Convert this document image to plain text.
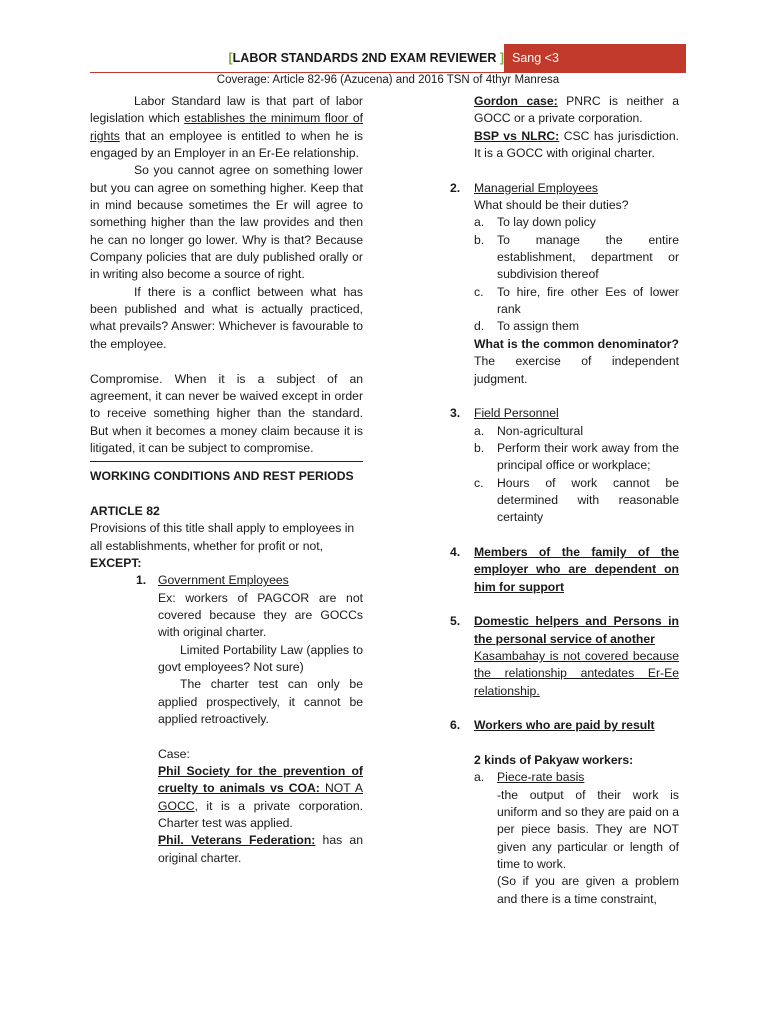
[LABOR STANDARDS 2ND EXAM REVIEWER ] Sang <3
Coverage: Article 82-96 (Azucena) and 2016 TSN of 4thyr Manresa

Labor Standard law is that part of labor legislation which establishes the minimum floor of rights that an employee is entitled to when he is engaged by an Employer in an Er-Ee relationship.

So you cannot agree on something lower but you can agree on something higher. Keep that in mind because sometimes the Er will agree to something higher than the law provides and then he can no longer go lower. Why is that? Because Company policies that are duly published orally or in writing also become a source of right.

If there is a conflict between what has been published and what is actually practiced, what prevails? Answer: Whichever is favourable to the employee.

Compromise. When it is a subject of an agreement, it can never be waived except in order to receive something higher than the standard. But when it becomes a money claim because it is litigated, it can be subject to compromise.

WORKING CONDITIONS AND REST PERIODS

ARTICLE 82

Provisions of this title shall apply to employees in all establishments, whether for profit or not,

EXCEPT:

1. Government Employees

Ex: workers of PAGCOR are not covered because they are GOCCs with original charter.

Limited Portability Law (applies to govt employees? Not sure)

The charter test can only be applied prospectively, it cannot be applied retroactively.

Case:

Phil Society for the prevention of cruelty to animals vs COA: NOT A GOCC, it is a private corporation. Charter test was applied.

Phil. Veterans Federation: has an original charter.

Gordon case: PNRC is neither a GOCC or a private corporation.

BSP vs NLRC: CSC has jurisdiction. It is a GOCC with original charter.

2. Managerial Employees

What should be their duties?

a. To lay down policy
b. To manage the entire establishment, department or subdivision thereof
c. To hire, fire other Ees of lower rank
d. To assign them

What is the common denominator? The exercise of independent judgment.

3. Field Personnel
a. Non-agricultural
b. Perform their work away from the principal office or workplace;
c. Hours of work cannot be determined with reasonable certainty
4. Members of the family of the employer who are dependent on him for support

5. Domestic helpers and Persons in the personal service of another

Kasambahay is not covered because the relationship antedates Er-Ee relationship.

6. Workers who are paid by result

2 kinds of Pakyaw workers:

a. Piece-rate basis

-the output of their work is uniform and so they are paid on a per piece basis. They are NOT given any particular or length of time to work.

(So if you are given a problem and there is a time constraint,
